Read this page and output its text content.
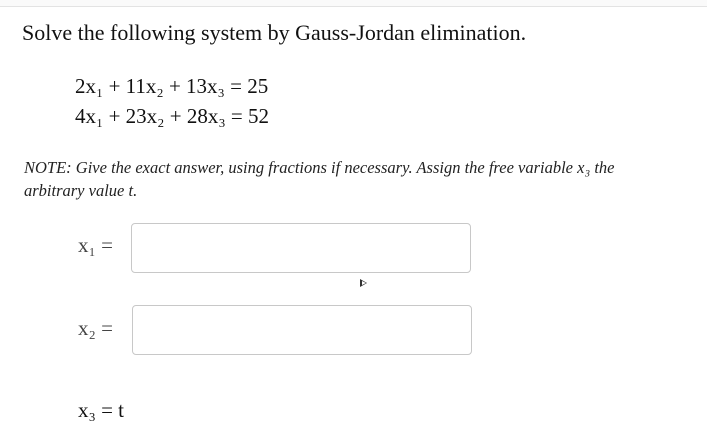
Solve the following system by Gauss-Jordan elimination.
2x₁ + 11x₂ + 13x₃ = 25
4x₁ + 23x₂ + 28x₃ = 52
NOTE: Give the exact answer, using fractions if necessary. Assign the free variable x₃ the arbitrary value t.
x₁ =
x₂ =
x₃ = t
